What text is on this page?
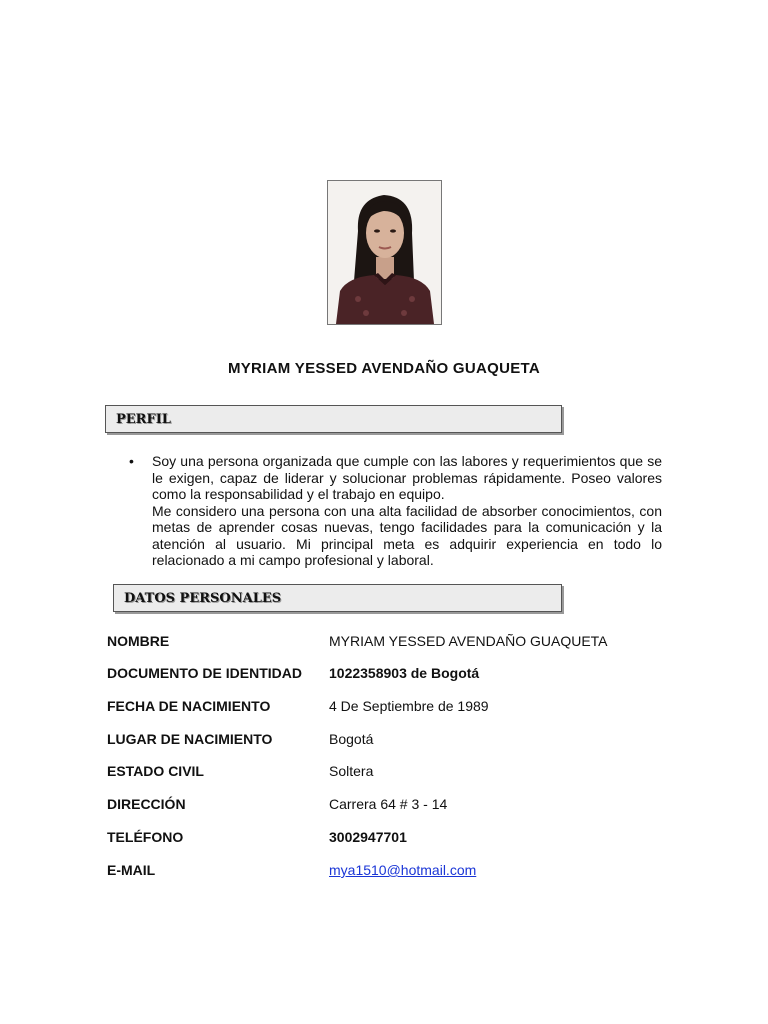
MYRIAM YESSED AVENDAÑO GUAQUETA
PERFIL
• Soy una persona organizada que cumple con las labores y requerimientos que se le exigen, capaz de liderar y solucionar problemas rápidamente. Poseo valores como la responsabilidad y el trabajo en equipo.

Me considero una persona con una alta facilidad de absorber conocimientos, con metas de aprender cosas nuevas, tengo facilidades para la comunicación y la atención al usuario. Mi principal meta es adquirir experiencia en todo lo relacionado a mi campo profesional y laboral.

DATOS PERSONALES
NOMBRE	MYRIAM YESSED AVENDAÑO GUAQUETA
DOCUMENTO DE IDENTIDAD 1022358903 de Bogotá
FECHA DE NACIMIENTO	4 De Septiembre de 1989
LUGAR DE NACIMIENTO	Bogotá
ESTADO CIVIL	Soltera
DIRECCIÓN	Carrera 64 # 3 - 14
TELÉFONO	3002947701
E-MAIL	mya1510@hotmail.com
